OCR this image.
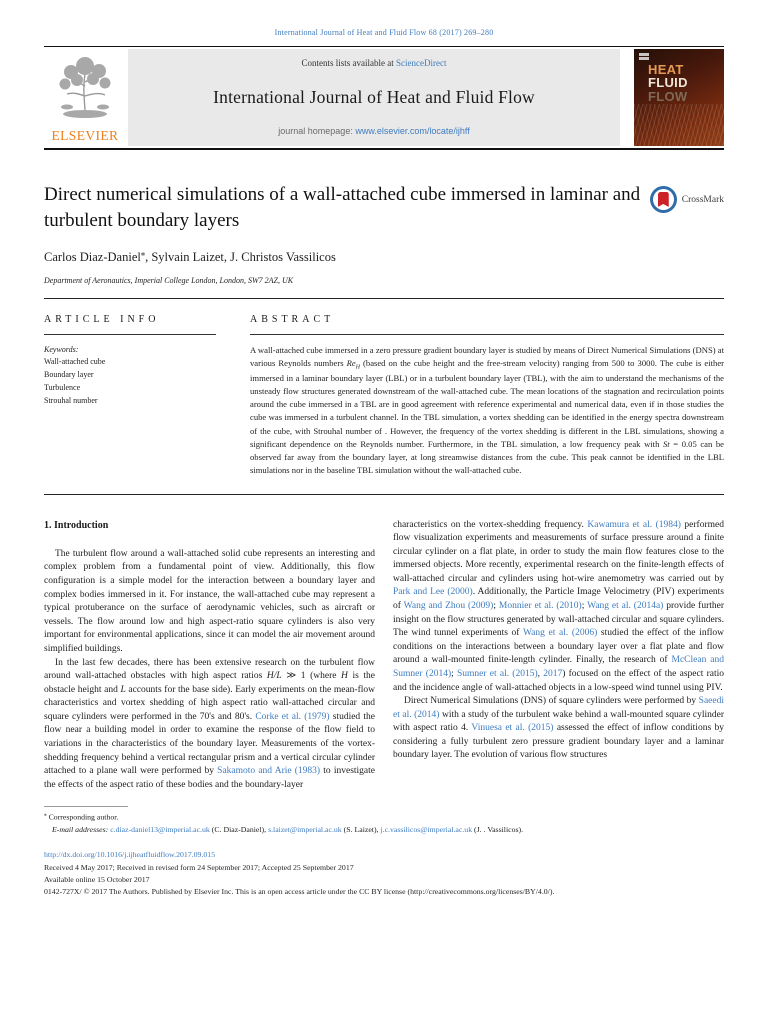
International Journal of Heat and Fluid Flow 68 (2017) 269–280
ELSEVIER
Contents lists available at ScienceDirect
International Journal of Heat and Fluid Flow
journal homepage: www.elsevier.com/locate/ijhff
HEAT
FLUID
FLOW
Direct numerical simulations of a wall-attached cube immersed in laminar and turbulent boundary layers
CrossMark
Carlos Diaz-Daniel⁎, Sylvain Laizet, J. Christos Vassilicos
Department of Aeronautics, Imperial College London, London, SW7 2AZ, UK
ARTICLE INFO
Keywords:
Wall-attached cube
Boundary layer
Turbulence
Strouhal number
ABSTRACT
A wall-attached cube immersed in a zero pressure gradient boundary layer is studied by means of Direct Numerical Simulations (DNS) at various Reynolds numbers $Re_H$ (based on the cube height and the free-stream velocity) ranging from 500 to 3000. The cube is either immersed in a laminar boundary layer (LBL) or in a turbulent boundary layer (TBL), with the aim to understand the mechanisms of the unsteady flow structures generated downstream of the wall-attached cube. The mean locations of the stagnation and recirculation points around the cube immersed in a TBL are in good agreement with reference experimental and numerical data, even if in those studies the cube was immersed in a turbulent channel. In the TBL simulation, a vortex shedding can be identified in the energy spectra downstream of the cube, with Strouhal number of . However, the frequency of the vortex shedding is different in the LBL simulations, showing a significant dependence on the Reynolds number. Furthermore, in the TBL simulation, a low frequency peak with St = 0.05 can be observed far away from the boundary layer, at long streamwise distances from the cube. This peak cannot be identified in the LBL simulations nor in the baseline TBL simulation without the wall-attached cube.
1. Introduction

The turbulent flow around a wall-attached solid cube represents an interesting and complex problem from a fundamental point of view. Additionally, this flow configuration is a simple model for the interaction between a boundary layer and complex bodies immersed in it. For instance, the wall-attached cube may represent a typical protuberance on the surface of aerodynamic vehicles, such as aircraft or vessels. The flow around low and high aspect-ratio square cylinders is also very important for environmental applications, since it can model the air movement around simplified buildings.

In the last few decades, there has been extensive research on the turbulent flow around wall-attached obstacles with high aspect ratios H/L ≫ 1 (where H is the obstacle height and L accounts for the base side). Early experiments on the mean-flow characteristics and vortex shedding of high aspect ratio wall-attached circular and square cylinders were performed in the 70's and 80's. Corke et al. (1979) studied the flow near a building model in order to examine the response of the flow field to variations in the characteristics of the boundary layer. Measurements of the vortex-shedding frequency behind a vertical rectangular prism and a vertical circular cylinder attached to a plane wall were performed by Sakamoto and Arie (1983) to investigate the effects of the aspect ratio of these bodies and the boundary-layer

characteristics on the vortex-shedding frequency. Kawamura et al. (1984) performed flow visualization experiments and measurements of surface pressure around a finite circular cylinder on a flat plate, in order to study the main flow features close to the immersed objects. More recently, experimental research on the finite-length effects of wall-attached circular and cylinders using hot-wire anemometry was carried out by Park and Lee (2000). Additionally, the Particle Image Velocimetry (PIV) experiments of Wang and Zhou (2009); Monnier et al. (2010); Wang et al. (2014a) provide further insight on the flow structures generated by wall-attached circular and square cylinders. The wind tunnel experiments of Wang et al. (2006) studied the effect of the inflow conditions on the interactions between a boundary layer over a flat plate and flow around a wall-mounted finite-length cylinder. Finally, the research of McClean and Sumner (2014); Sumner et al. (2015), 2017) focused on the effect of the aspect ratio and the incidence angle of wall-attached objects in a low-speed wind tunnel using PIV.

Direct Numerical Simulations (DNS) of square cylinders were performed by Saeedi et al. (2014) with a study of the turbulent wake behind a wall-mounted square cylinder with aspect ratio 4. Vinuesa et al. (2015) assessed the effect of inflow conditions by considering a fully turbulent zero pressure gradient boundary layer and a laminar boundary layer. The evolution of various flow structures

⁎ Corresponding author.
E-mail addresses: c.diaz-daniel13@imperial.ac.uk (C. Diaz-Daniel), s.laizet@imperial.ac.uk (S. Laizet), j.c.vassilicos@imperial.ac.uk (J. . Vassilicos).
http://dx.doi.org/10.1016/j.ijheatfluidflow.2017.09.015
Received 4 May 2017; Received in revised form 24 September 2017; Accepted 25 September 2017
Available online 15 October 2017
0142-727X/ © 2017 The Authors. Published by Elsevier Inc. This is an open access article under the CC BY license (http://creativecommons.org/licenses/BY/4.0/).
